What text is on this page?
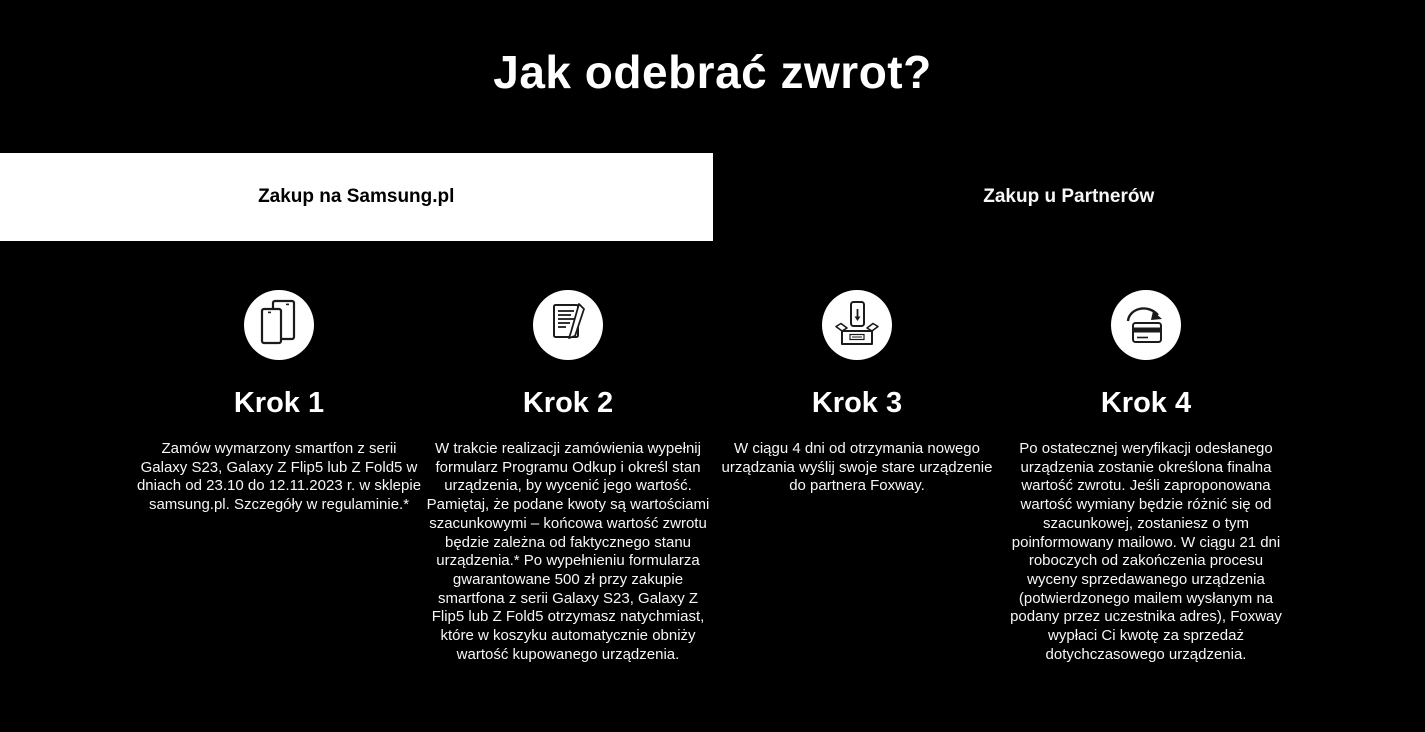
Jak odebrać zwrot?
Zakup na Samsung.pl	Zakup u Partnerów
Krok 1

Zamów wymarzony smartfon z serii Galaxy S23, Galaxy Z Flip5 lub Z Fold5 w dniach od 23.10 do 12.11.2023 r. w sklepie samsung.pl. Szczegóły w regulaminie.*

Krok 2

W trakcie realizacji zamówienia wypełnij formularz Programu Odkup i określ stan urządzenia, by wycenić jego wartość. Pamiętaj, że podane kwoty są wartościami szacunkowymi – końcowa wartość zwrotu będzie zależna od faktycznego stanu urządzenia.* Po wypełnieniu formularza gwarantowane 500 zł przy zakupie smartfona z serii Galaxy S23, Galaxy Z Flip5 lub Z Fold5 otrzymasz natychmiast, które w koszyku automatycznie obniży wartość kupowanego urządzenia.

Krok 3

W ciągu 4 dni od otrzymania nowego urządzania wyślij swoje stare urządzenie do partnera Foxway.

Krok 4

Po ostatecznej weryfikacji odesłanego urządzenia zostanie określona finalna wartość zwrotu. Jeśli zaproponowana wartość wymiany będzie różnić się od szacunkowej, zostaniesz o tym poinformowany mailowo. W ciągu 21 dni roboczych od zakończenia procesu wyceny sprzedawanego urządzenia (potwierdzonego mailem wysłanym na podany przez uczestnika adres), Foxway wypłaci Ci kwotę za sprzedaż dotychczasowego urządzenia.
